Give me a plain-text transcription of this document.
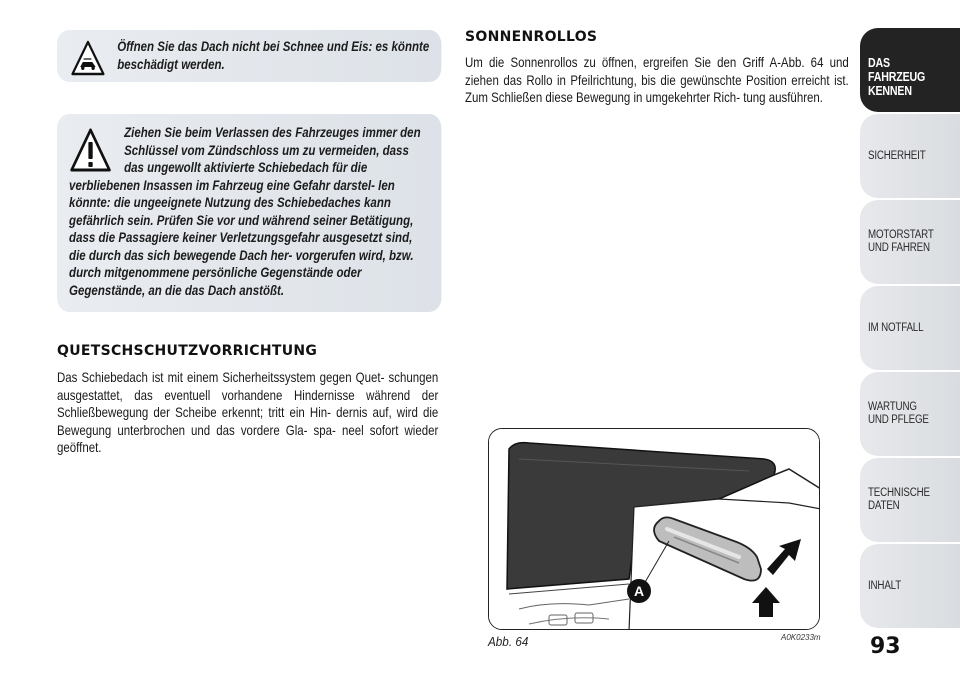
Öffnen Sie das Dach nicht bei Schnee und Eis: es könnte beschädigt werden.

Ziehen Sie beim Verlassen des Fahrzeuges immer den Schlüssel vom Zündschloss um zu vermeiden, dass das ungewollt aktivierte Schiebedach für die verbliebenen Insassen im Fahrzeug eine Gefahr darstel- len könnte: die ungeeignete Nutzung des Schiebedaches kann gefährlich sein. Prüfen Sie vor und während seiner Betätigung, dass die Passagiere keiner Verletzungsgefahr ausgesetzt sind, die durch das sich bewegende Dach her- vorgerufen wird, bzw. durch mitgenommene persönliche Gegenstände oder Gegenstände, an die das Dach anstößt.

QUETSCHSCHUTZVORRICHTUNG

Das Schiebedach ist mit einem Sicherheitssystem gegen Quet- schungen ausgestattet, das eventuell vorhandene Hindernisse während der Schließbewegung der Scheibe erkennt; tritt ein Hin- dernis auf, wird die Bewegung unterbrochen und das vordere Gla- spa- neel sofort wieder geöffnet.

SONNENROLLOS

Um die Sonnenrollos zu öffnen, ergreifen Sie den Griff A-Abb. 64 und ziehen das Rollo in Pfeilrichtung, bis die gewünschte Position erreicht ist. Zum Schließen diese Bewegung in umgekehrter Rich- tung ausführen.

A
Abb. 64	A0K0233m 93
DAS FAHRZEUG
KENNEN
SICHERHEIT
MOTORSTART
UND FAHREN
IM NOTFALL
WARTUNG
UND PFLEGE
TECHNISCHE
DATEN
INHALT
